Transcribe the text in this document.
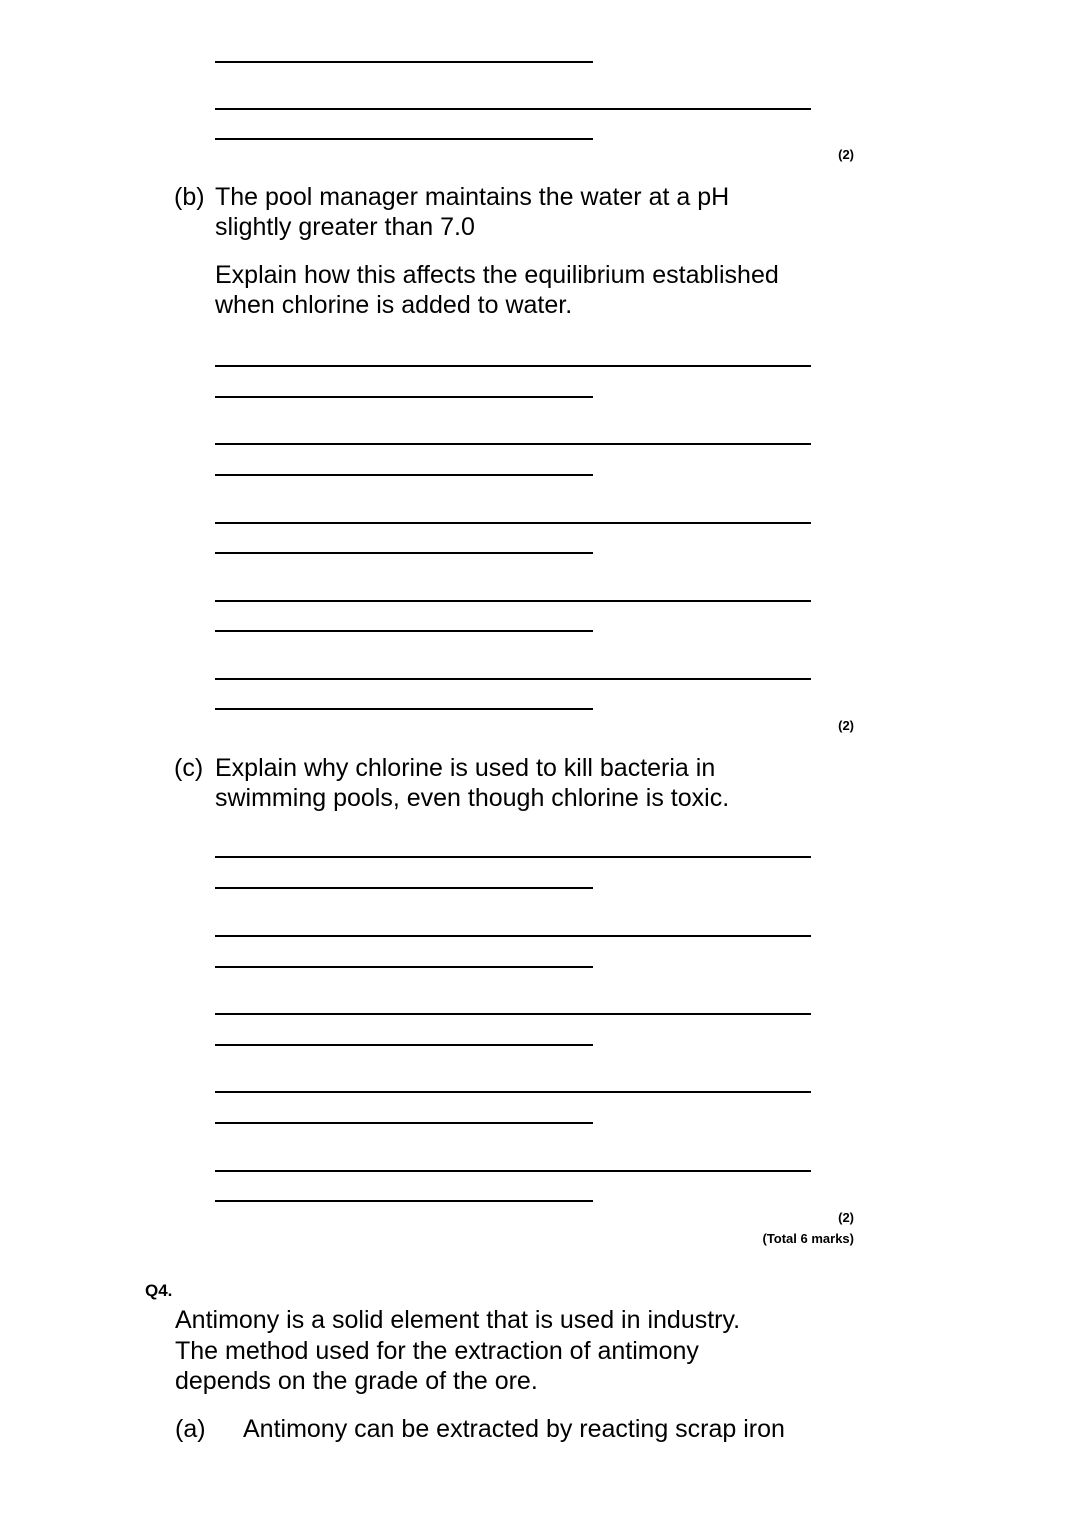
(2)
(b) The pool manager maintains the water at a pH
slightly greater than 7.0
Explain how this affects the equilibrium established
when chlorine is added to water.
(2)
(c) Explain why chlorine is used to kill bacteria in
swimming pools, even though chlorine is toxic.
(2)
(Total 6 marks)
Q4.
Antimony is a solid element that is used in industry.
The method used for the extraction of antimony
depends on the grade of the ore.
(a) Antimony can be extracted by reacting scrap iron
